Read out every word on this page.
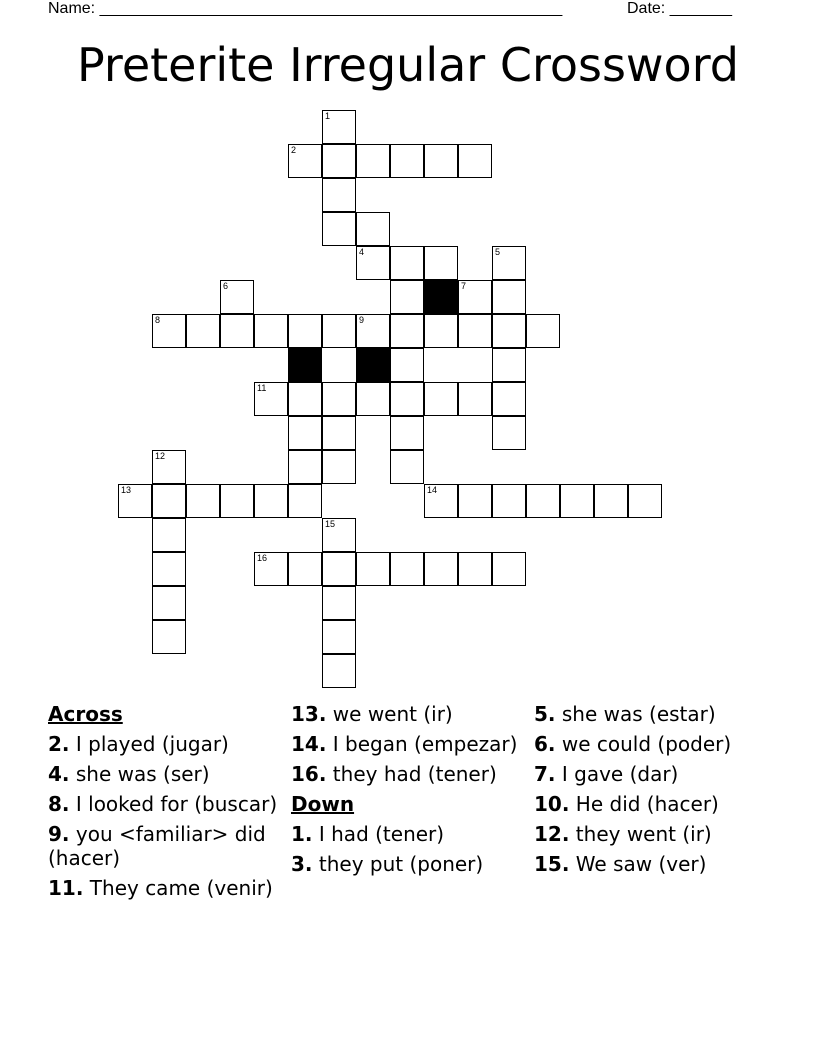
Name: ____________________________________________________	Date: _______
Preterite Irregular Crossword
1
2
4	5
6	7
8	9
11
12
13	14
15
16
Across
2. I played (jugar)
4. she was (ser)
8. I looked for (buscar)
9. you <familiar> did (hacer)
11. They came (venir)
13. we went (ir)
14. I began (empezar)
16. they had (tener)
Down
1. I had (tener)
3. they put (poner)
5. she was (estar)
6. we could (poder)
7. I gave (dar)
10. He did (hacer)
12. they went (ir)
15. We saw (ver)
